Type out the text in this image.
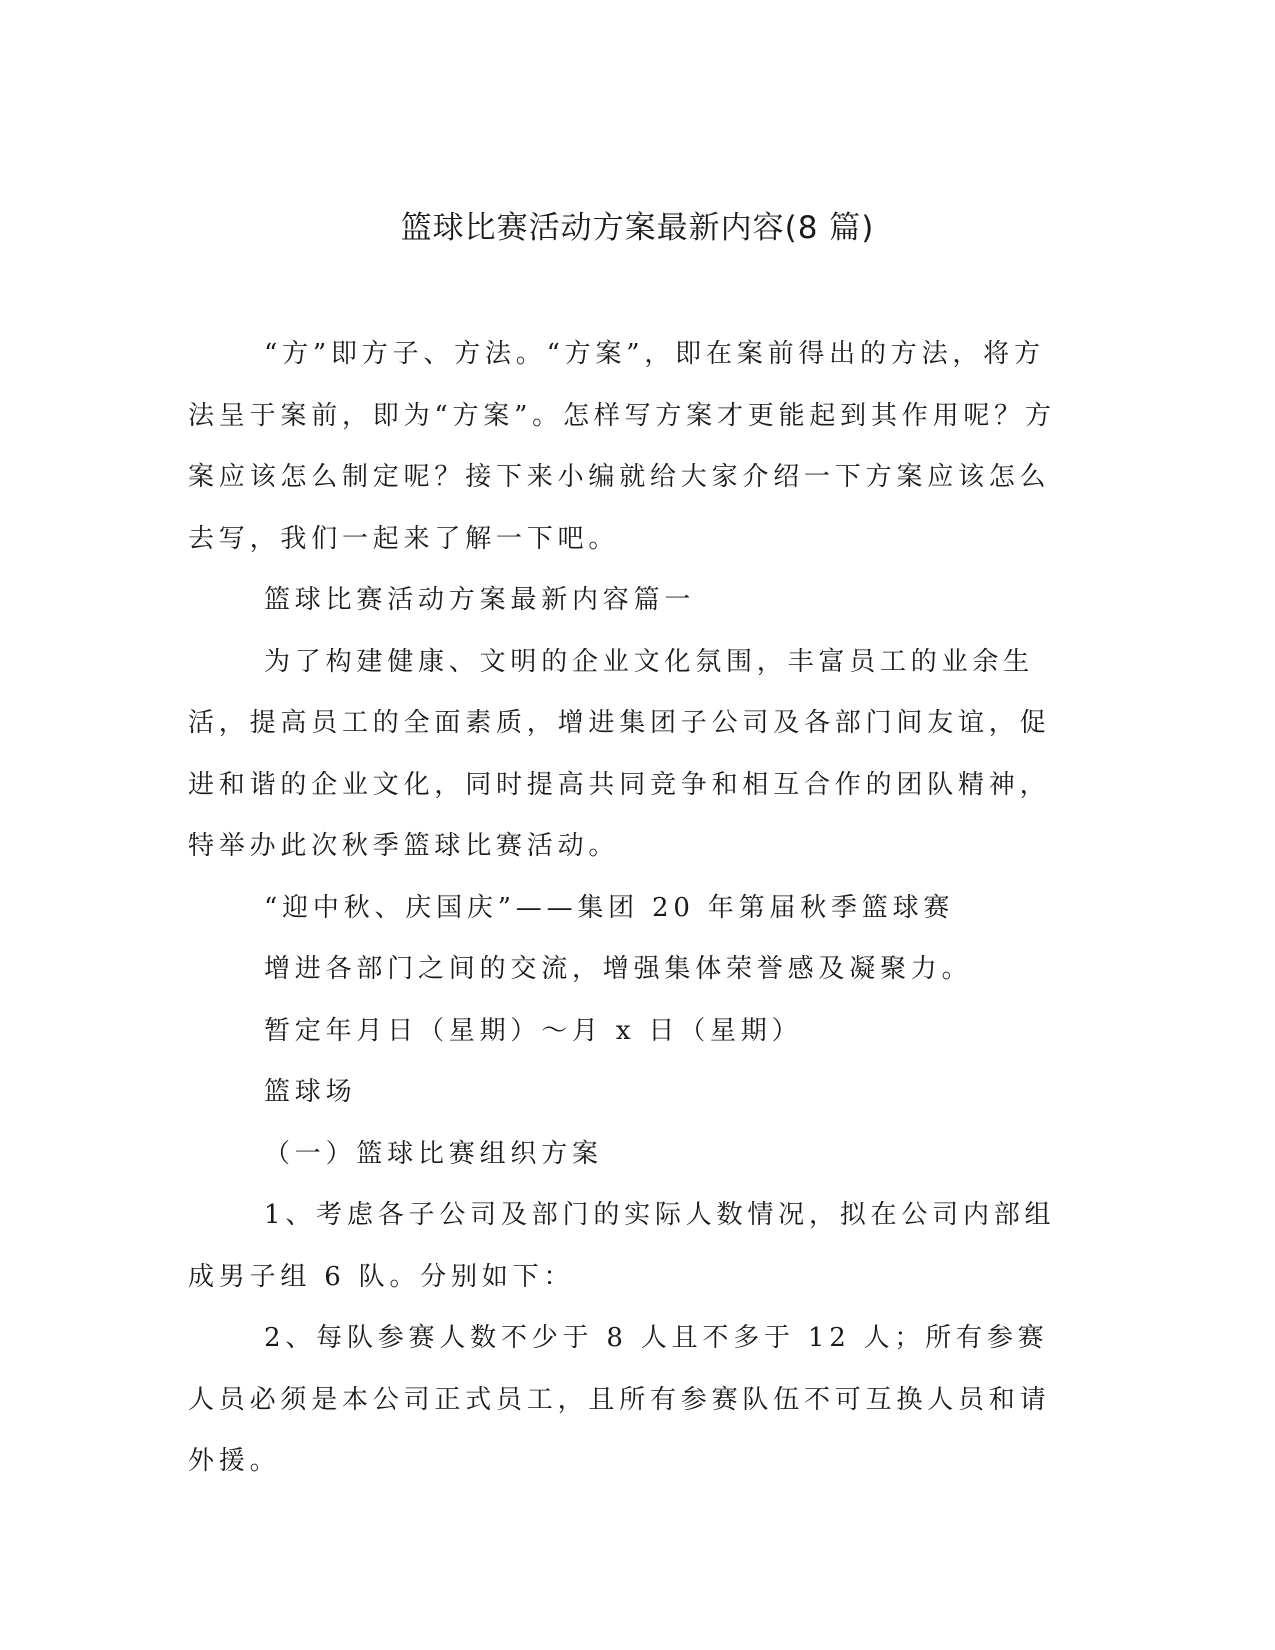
篮球比赛活动方案最新内容(8 篇)

“方”即方子、方法。“方案”，即在案前得出的方法，将方法呈于案前，即为“方案”。怎样写方案才更能起到其作用呢？方案应该怎么制定呢？接下来小编就给大家介绍一下方案应该怎么去写，我们一起来了解一下吧。

篮球比赛活动方案最新内容篇一

为了构建健康、文明的企业文化氛围，丰富员工的业余生活，提高员工的全面素质，增进集团子公司及各部门间友谊，促进和谐的企业文化，同时提高共同竞争和相互合作的团队精神，特举办此次秋季篮球比赛活动。

“迎中秋、庆国庆”——集团 20 年第届秋季篮球赛

增进各部门之间的交流，增强集体荣誉感及凝聚力。

暂定年月日（星期）～月 x 日（星期）

篮球场

（一）篮球比赛组织方案

1、考虑各子公司及部门的实际人数情况，拟在公司内部组成男子组 6 队。分别如下：

2、每队参赛人数不少于 8 人且不多于 12 人；所有参赛人员必须是本公司正式员工，且所有参赛队伍不可互换人员和请外援。
